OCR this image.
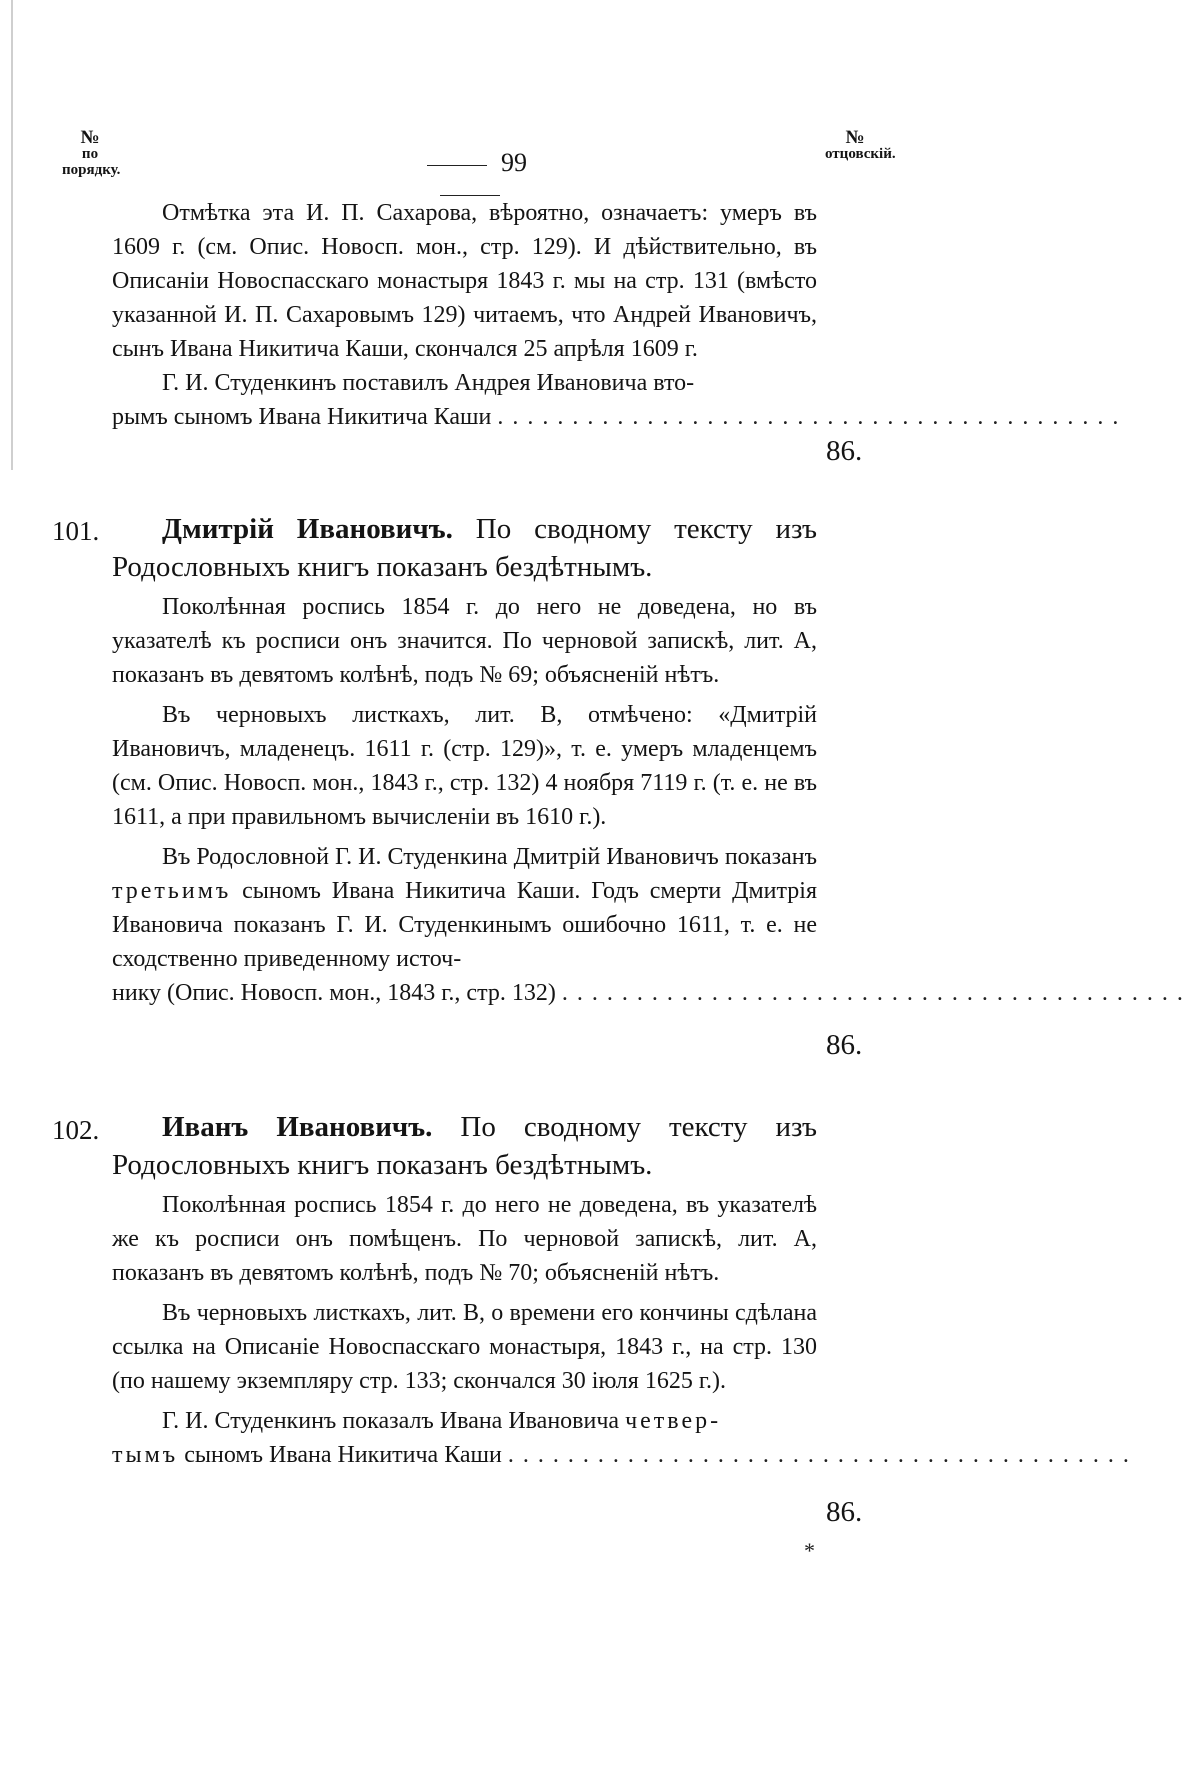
№
по порядку.	99
№
отцовскій.

Отмѣтка эта И. П. Сахарова, вѣроятно, означаетъ: умеръ въ 1609 г. (см. Опис. Новосп. мон., стр. 129). И дѣйствительно, въ Описаніи Новоспасскаго монастыря 1843 г. мы на стр. 131 (вмѣсто указанной И. П. Сахаровымъ 129) читаемъ, что Андрей Ивановичъ, сынъ Ивана Никитича Каши, скончался 25 апрѣля 1609 г.

Г. И. Студенкинъ поставилъ Андрея Ивановича вто-

рымъ сыномъ Ивана Никитича Каши ..........................................
86.
101.	Дмитрій Ивановичъ. По сводному тексту изъ Родословныхъ книгъ показанъ бездѣтнымъ.

Поколѣнная роспись 1854 г. до него не доведена, но въ указателѣ къ росписи онъ значится. По черновой запискѣ, лит. А, показанъ въ девятомъ колѣнѣ, подъ № 69; объясненій нѣтъ.

Въ черновыхъ листкахъ, лит. В, отмѣчено: «Дмитрій Ивановичъ, младенецъ. 1611 г. (стр. 129)», т. е. умеръ младенцемъ (см. Опис. Новосп. мон., 1843 г., стр. 132) 4 ноября 7119 г. (т. е. не въ 1611, а при правильномъ вычисленіи въ 1610 г.).

Въ Родословной Г. И. Студенкина Дмитрій Ивановичъ показанъ третьимъ сыномъ Ивана Никитича Каши. Годъ смерти Дмитрія Ивановича показанъ Г. И. Студенкинымъ ошибочно 1611, т. е. не сходственно приведенному источ-

нику (Опис. Новосп. мон., 1843 г., стр. 132) ..........................................
86.
102.	Иванъ Ивановичъ. По сводному тексту изъ Родословныхъ книгъ показанъ бездѣтнымъ.

Поколѣнная роспись 1854 г. до него не доведена, въ указателѣ же къ росписи онъ помѣщенъ. По черновой запискѣ, лит. А, показанъ въ девятомъ колѣнѣ, подъ № 70; объясненій нѣтъ.

Въ черновыхъ листкахъ, лит. В, о времени его кончины сдѣлана ссылка на Описаніе Новоспасскаго монастыря, 1843 г., на стр. 130 (по нашему экземпляру стр. 133; скончался 30 іюля 1625 г.).

Г. И. Студенкинъ показалъ Ивана Ивановича четвер-

тымъ сыномъ Ивана Никитича Каши ..........................................
86.
*
